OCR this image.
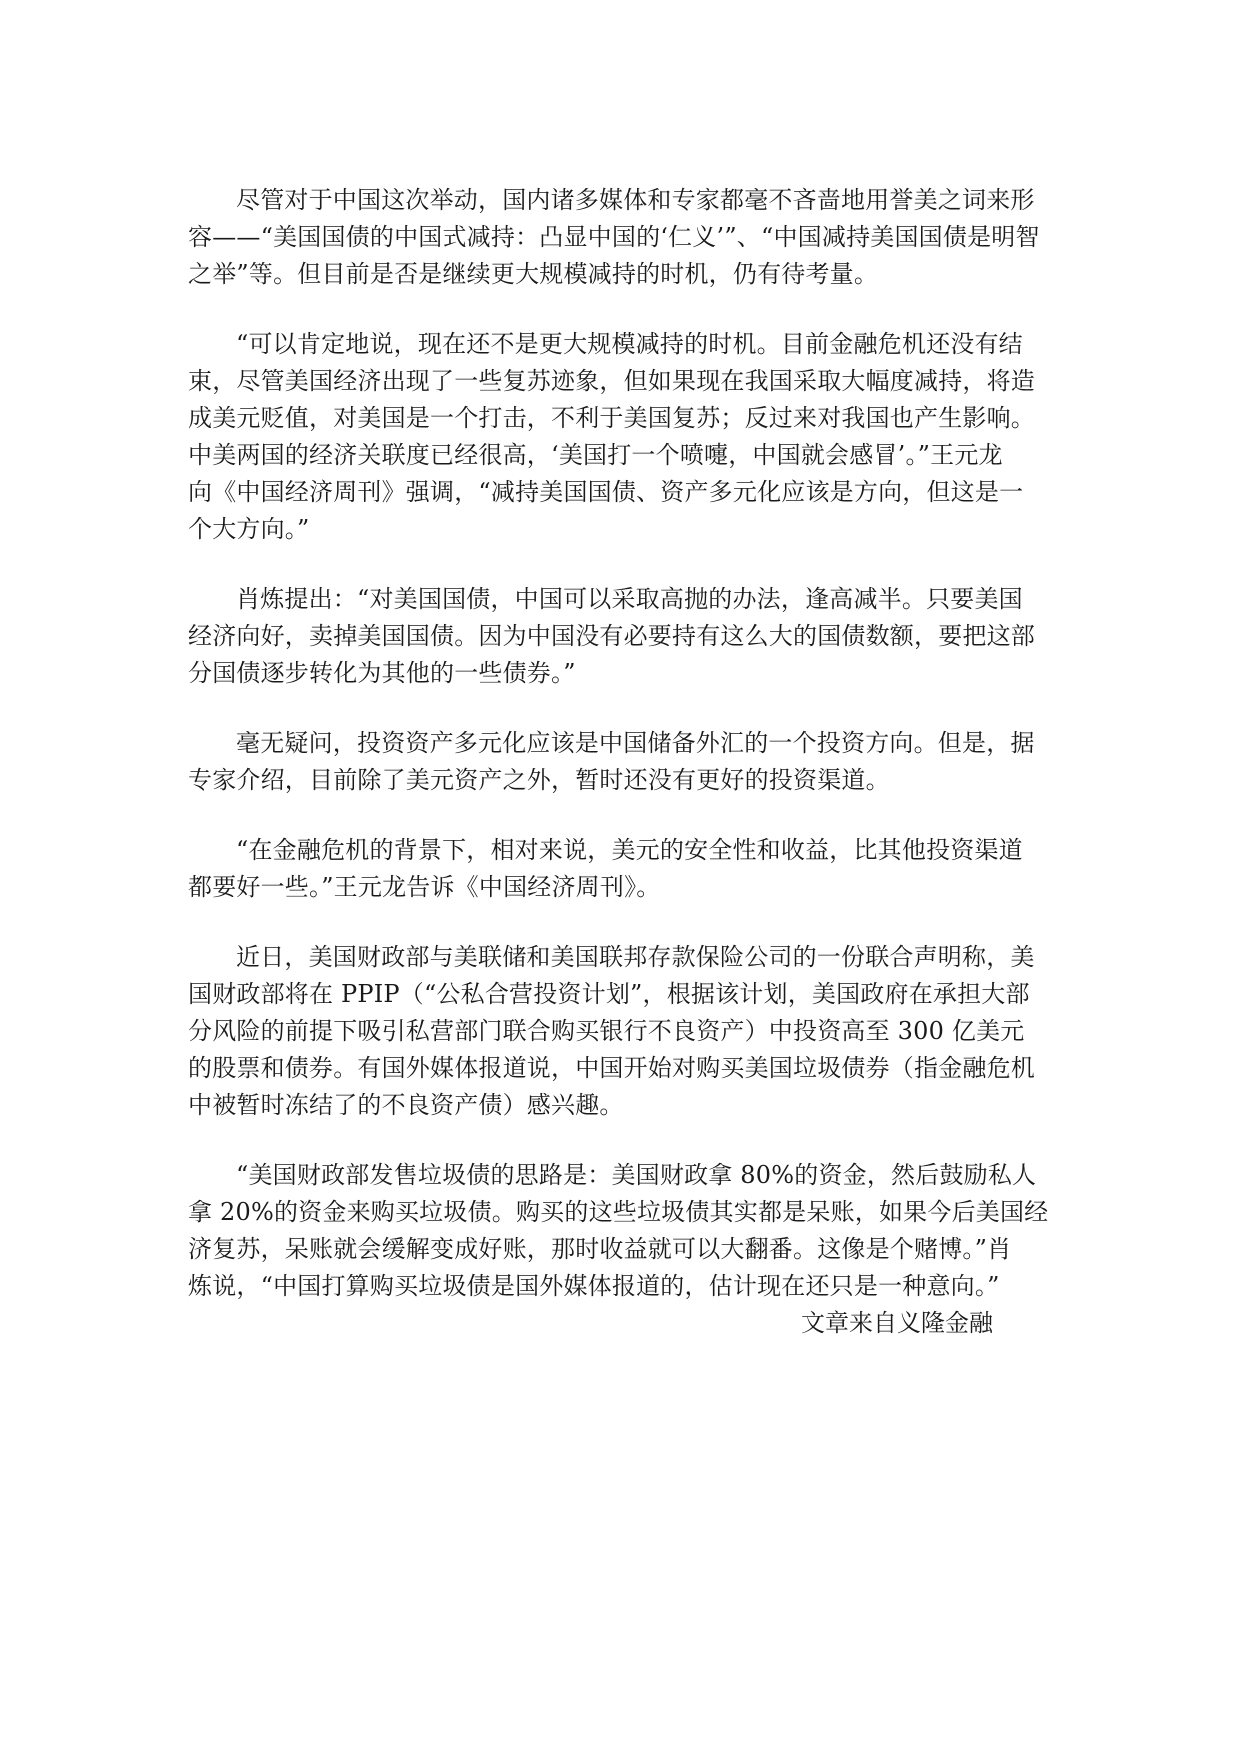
尽管对于中国这次举动，国内诸多媒体和专家都毫不吝啬地用誉美之词来形
容——“美国国债的中国式减持：凸显中国的‘仁义’”、“中国减持美国国债是明智
之举”等。但目前是否是继续更大规模减持的时机，仍有待考量。
“可以肯定地说，现在还不是更大规模减持的时机。目前金融危机还没有结
束，尽管美国经济出现了一些复苏迹象，但如果现在我国采取大幅度减持，将造
成美元贬值，对美国是一个打击，不利于美国复苏；反过来对我国也产生影响。
中美两国的经济关联度已经很高，‘美国打一个喷嚏，中国就会感冒’。”王元龙
向《中国经济周刊》强调，“减持美国国债、资产多元化应该是方向，但这是一
个大方向。”
肖炼提出：“对美国国债，中国可以采取高抛的办法，逢高减半。只要美国
经济向好，卖掉美国国债。因为中国没有必要持有这么大的国债数额，要把这部
分国债逐步转化为其他的一些债券。”
毫无疑问，投资资产多元化应该是中国储备外汇的一个投资方向。但是，据
专家介绍，目前除了美元资产之外，暂时还没有更好的投资渠道。
“在金融危机的背景下，相对来说，美元的安全性和收益，比其他投资渠道
都要好一些。”王元龙告诉《中国经济周刊》。
近日，美国财政部与美联储和美国联邦存款保险公司的一份联合声明称，美
国财政部将在 PPIP（“公私合营投资计划”，根据该计划，美国政府在承担大部
分风险的前提下吸引私营部门联合购买银行不良资产）中投资高至 300 亿美元
的股票和债券。有国外媒体报道说，中国开始对购买美国垃圾债券（指金融危机
中被暂时冻结了的不良资产债）感兴趣。
“美国财政部发售垃圾债的思路是：美国财政拿 80%的资金，然后鼓励私人
拿 20%的资金来购买垃圾债。购买的这些垃圾债其实都是呆账，如果今后美国经
济复苏，呆账就会缓解变成好账，那时收益就可以大翻番。这像是个赌博。”肖
炼说，“中国打算购买垃圾债是国外媒体报道的，估计现在还只是一种意向。”
文章来自义隆金融
